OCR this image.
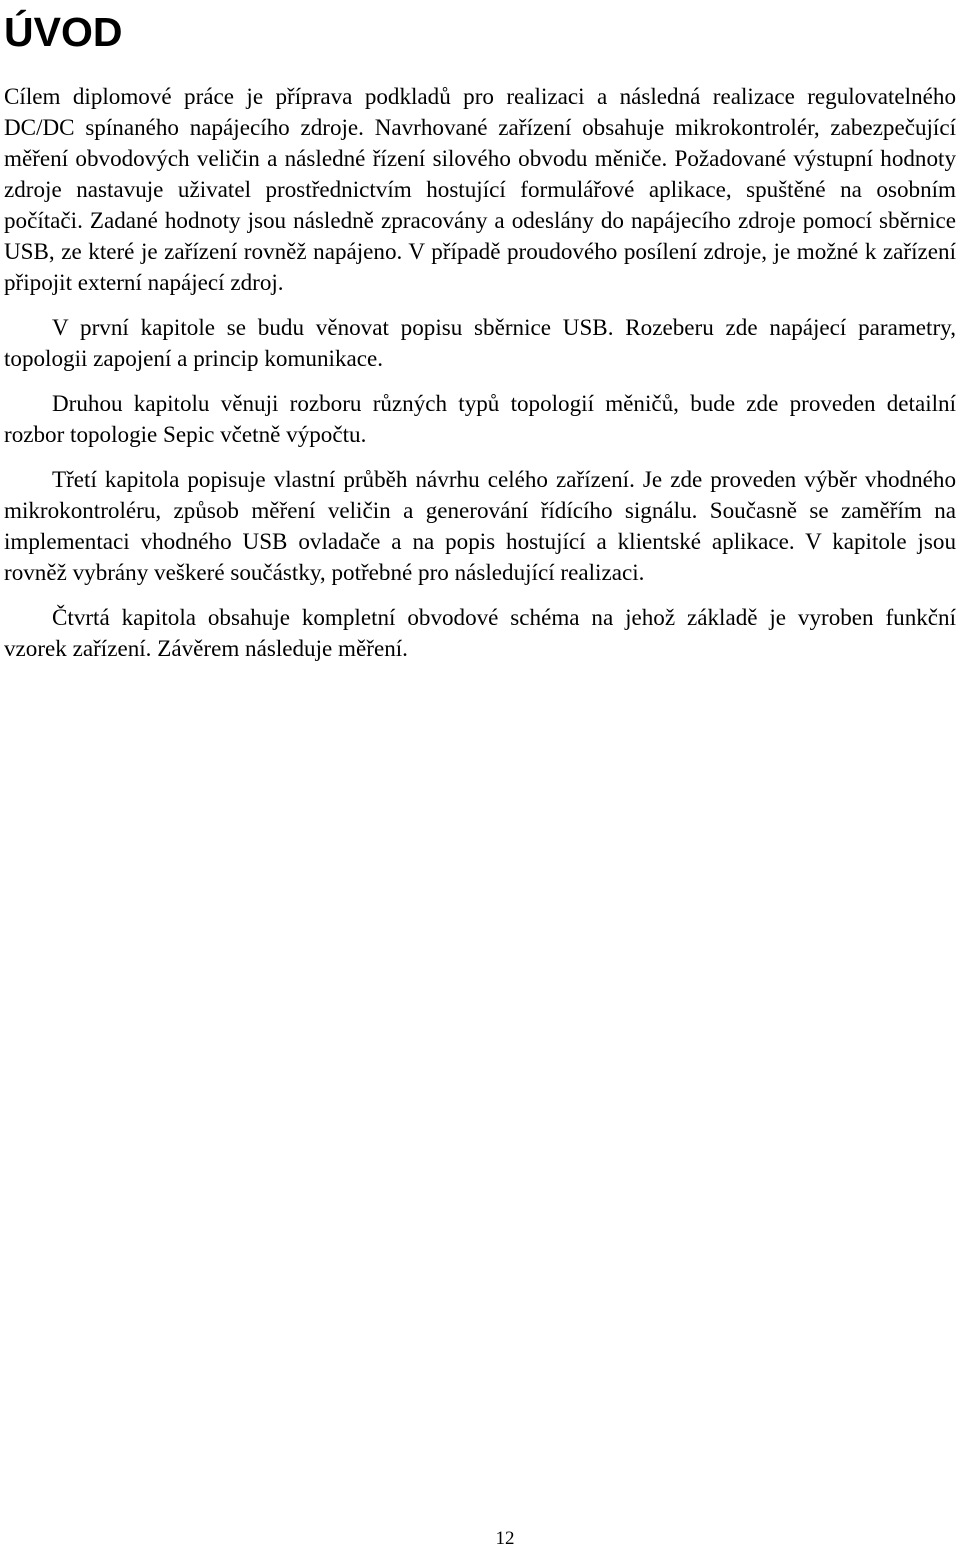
ÚVOD

Cílem diplomové práce je příprava podkladů pro realizaci a následná realizace regulovatelného DC/DC spínaného napájecího zdroje. Navrhované zařízení obsahuje mikrokontrolér, zabezpečující měření obvodových veličin a následné řízení silového obvodu měniče. Požadované výstupní hodnoty zdroje nastavuje uživatel prostřednictvím hostující formulářové aplikace, spuštěné na osobním počítači. Zadané hodnoty jsou následně zpracovány a odeslány do napájecího zdroje pomocí sběrnice USB, ze které je zařízení rovněž napájeno. V případě proudového posílení zdroje, je možné k zařízení připojit externí napájecí zdroj.

V první kapitole se budu věnovat popisu sběrnice USB. Rozeberu zde napájecí parametry, topologii zapojení a princip komunikace.

Druhou kapitolu věnuji rozboru různých typů topologií měničů, bude zde proveden detailní rozbor topologie Sepic včetně výpočtu.

Třetí kapitola popisuje vlastní průběh návrhu celého zařízení. Je zde proveden výběr vhodného mikrokontroléru, způsob měření veličin a generování řídícího signálu. Současně se zaměřím na implementaci vhodného USB ovladače a na popis hostující a klientské aplikace. V kapitole jsou rovněž vybrány veškeré součástky, potřebné pro následující realizaci.

Čtvrtá kapitola obsahuje kompletní obvodové schéma na jehož základě je vyroben funkční vzorek zařízení. Závěrem následuje měření.

12
